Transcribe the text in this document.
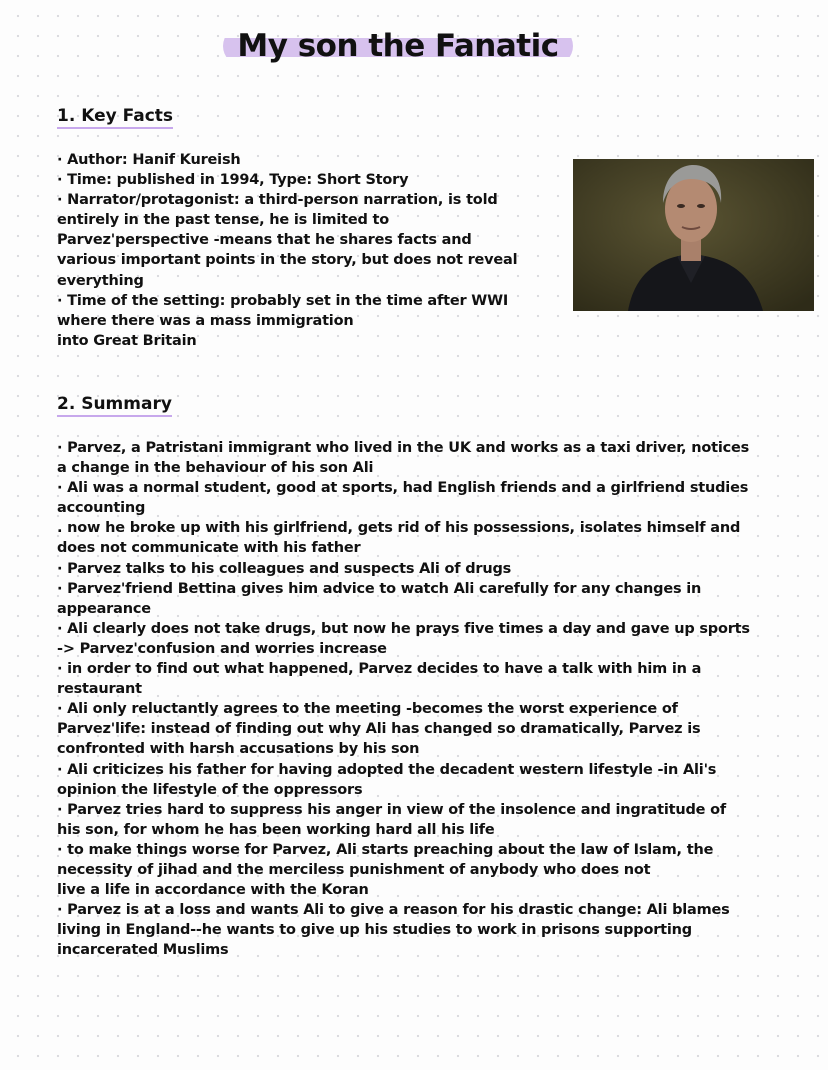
My son the Fanatic
1. Key Facts
· Author: Hanif Kureish
· Time: published in 1994, Type: Short Story
· Narrator/protagonist: a third-person narration, is told
entirely in the past tense, he is limited to
Parvez'perspective -means that he shares facts and
various important points in the story, but does not reveal
everything
· Time of the setting: probably set in the time after WWI
where there was a mass immigration
into Great Britain
2. Summary
· Parvez, a Patristani immigrant who lived in the UK and works as a taxi driver, notices
a change in the behaviour of his son Ali
· Ali was a normal student, good at sports, had English friends and a girlfriend studies
accounting
. now he broke up with his girlfriend, gets rid of his possessions, isolates himself and
does not communicate with his father
· Parvez talks to his colleagues and suspects Ali of drugs
· Parvez'friend Bettina gives him advice to watch Ali carefully for any changes in
appearance
· Ali clearly does not take drugs, but now he prays five times a day and gave up sports
-> Parvez'confusion and worries increase
· in order to find out what happened, Parvez decides to have a talk with him in a
restaurant
· Ali only reluctantly agrees to the meeting -becomes the worst experience of
Parvez'life: instead of finding out why Ali has changed so dramatically, Parvez is
confronted with harsh accusations by his son
· Ali criticizes his father for having adopted the decadent western lifestyle -in Ali's
opinion the lifestyle of the oppressors
· Parvez tries hard to suppress his anger in view of the insolence and ingratitude of
his son, for whom he has been working hard all his life
· to make things worse for Parvez, Ali starts preaching about the law of Islam, the
necessity of jihad and the merciless punishment of anybody who does not
live a life in accordance with the Koran
· Parvez is at a loss and wants Ali to give a reason for his drastic change: Ali blames
living in England--he wants to give up his studies to work in prisons supporting
incarcerated Muslims
